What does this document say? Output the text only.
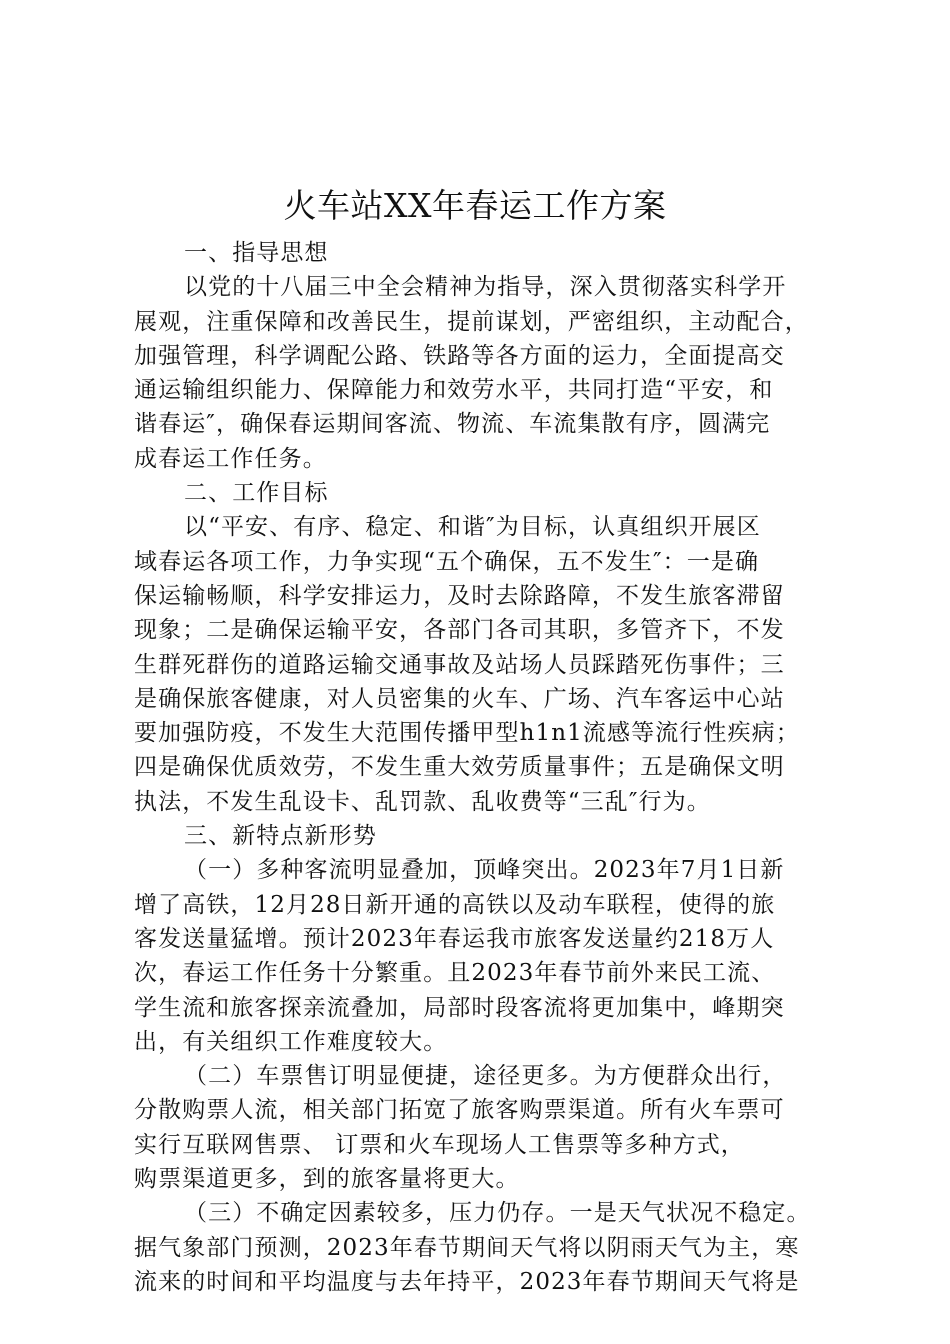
火车站XX年春运工作方案
一、指导思想
以党的十八届三中全会精神为指导，深入贯彻落实科学开
展观，注重保障和改善民生，提前谋划，严密组织，主动配合，
加强管理，科学调配公路、铁路等各方面的运力，全面提高交
通运输组织能力、保障能力和效劳水平，共同打造“平安，和
谐春运″，确保春运期间客流、物流、车流集散有序，圆满完
成春运工作任务。
二、工作目标
以“平安、有序、稳定、和谐″为目标，认真组织开展区
域春运各项工作，力争实现“五个确保，五不发生″：一是确
保运输畅顺，科学安排运力，及时去除路障，不发生旅客滞留
现象；二是确保运输平安，各部门各司其职，多管齐下，不发
生群死群伤的道路运输交通事故及站场人员踩踏死伤事件；三
是确保旅客健康，对人员密集的火车、广场、汽车客运中心站
要加强防疫，不发生大范围传播甲型h1n1流感等流行性疾病；
四是确保优质效劳，不发生重大效劳质量事件；五是确保文明
执法，不发生乱设卡、乱罚款、乱收费等“三乱″行为。
三、新特点新形势
（一）多种客流明显叠加，顶峰突出。2023年7月1日新
增了高铁，12月28日新开通的高铁以及动车联程，使得的旅
客发送量猛增。预计2023年春运我市旅客发送量约218万人
次，春运工作任务十分繁重。且2023年春节前外来民工流、
学生流和旅客探亲流叠加，局部时段客流将更加集中，峰期突
出，有关组织工作难度较大。
（二）车票售订明显便捷，途径更多。为方便群众出行，
分散购票人流，相关部门拓宽了旅客购票渠道。所有火车票可
实行互联网售票、 订票和火车现场人工售票等多种方式，
购票渠道更多，到的旅客量将更大。
（三）不确定因素较多，压力仍存。一是天气状况不稳定。
据气象部门预测，2023年春节期间天气将以阴雨天气为主，寒
流来的时间和平均温度与去年持平，2023年春节期间天气将是
